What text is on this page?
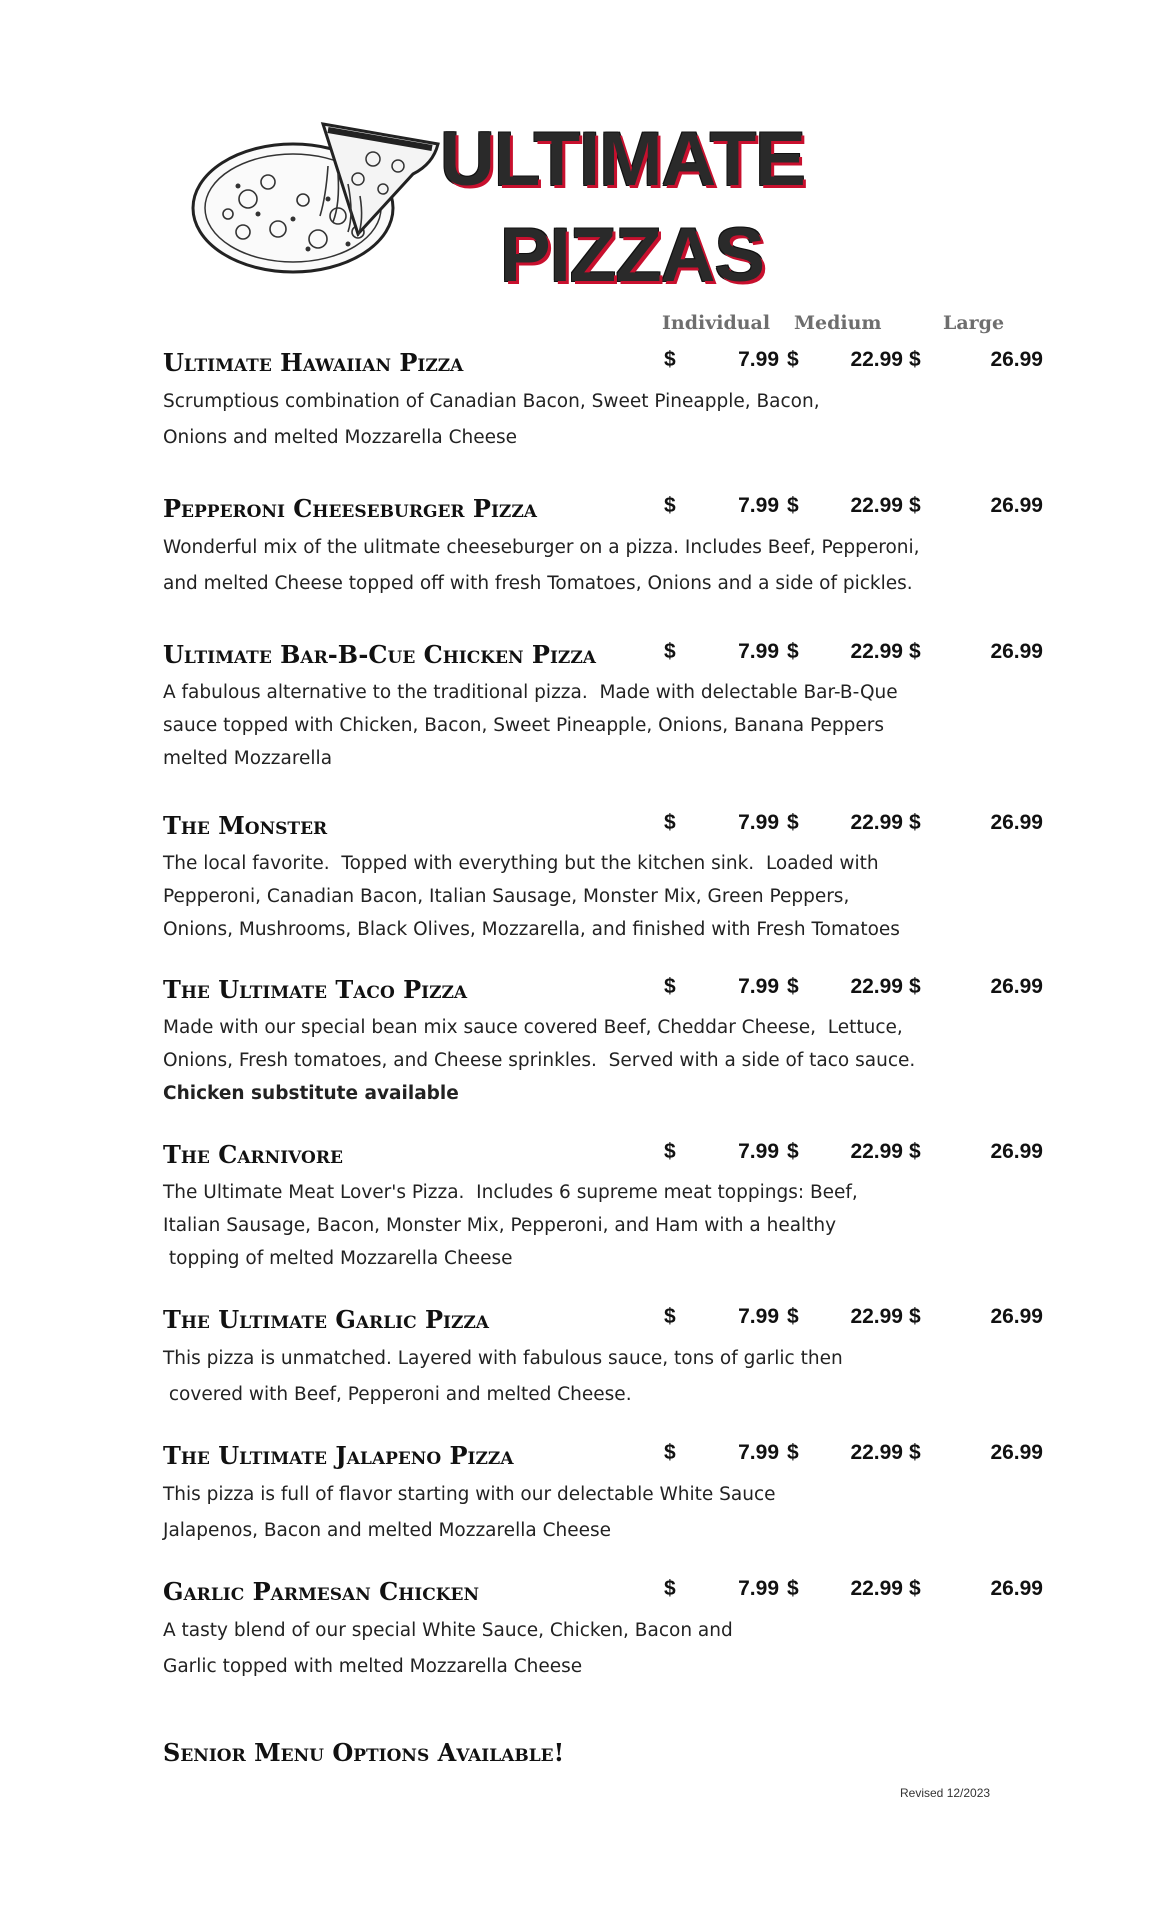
ULTIMATE
PIZZAS
Individual Medium	Large
Ultimate Hawaiian Pizza	$	7.99 $	22.99 $	26.99
Scrumptious combination of Canadian Bacon, Sweet Pineapple, Bacon,
Onions and melted Mozzarella Cheese
Pepperoni Cheeseburger Pizza	$	7.99 $	22.99 $	26.99
Wonderful mix of the ulitmate cheeseburger on a pizza. Includes Beef, Pepperoni,
and melted Cheese topped off with fresh Tomatoes, Onions and a side of pickles.
Ultimate Bar-B-Cue Chicken Pizza	$	7.99 $	22.99 $	26.99
A fabulous alternative to the traditional pizza.  Made with delectable Bar-B-Que
sauce topped with Chicken, Bacon, Sweet Pineapple, Onions, Banana Peppers
melted Mozzarella
The Monster	$	7.99 $	22.99 $	26.99
The local favorite.  Topped with everything but the kitchen sink.  Loaded with
Pepperoni, Canadian Bacon, Italian Sausage, Monster Mix, Green Peppers,
Onions, Mushrooms, Black Olives, Mozzarella, and finished with Fresh Tomatoes
The Ultimate Taco Pizza	$	7.99 $	22.99 $	26.99
Made with our special bean mix sauce covered Beef, Cheddar Cheese,  Lettuce,
Onions, Fresh tomatoes, and Cheese sprinkles.  Served with a side of taco sauce.
Chicken substitute available
The Carnivore	$	7.99 $	22.99 $	26.99
The Ultimate Meat Lover's Pizza.  Includes 6 supreme meat toppings: Beef,
Italian Sausage, Bacon, Monster Mix, Pepperoni, and Ham with a healthy
topping of melted Mozzarella Cheese
The Ultimate Garlic Pizza	$	7.99 $	22.99 $	26.99
This pizza is unmatched. Layered with fabulous sauce, tons of garlic then
covered with Beef, Pepperoni and melted Cheese.
The Ultimate Jalapeno Pizza	$	7.99 $	22.99 $	26.99
This pizza is full of flavor starting with our delectable White Sauce
Jalapenos, Bacon and melted Mozzarella Cheese
Garlic Parmesan Chicken	$	7.99 $	22.99 $	26.99
A tasty blend of our special White Sauce, Chicken, Bacon and
Garlic topped with melted Mozzarella Cheese
Senior Menu Options Available!
Revised 12/2023
